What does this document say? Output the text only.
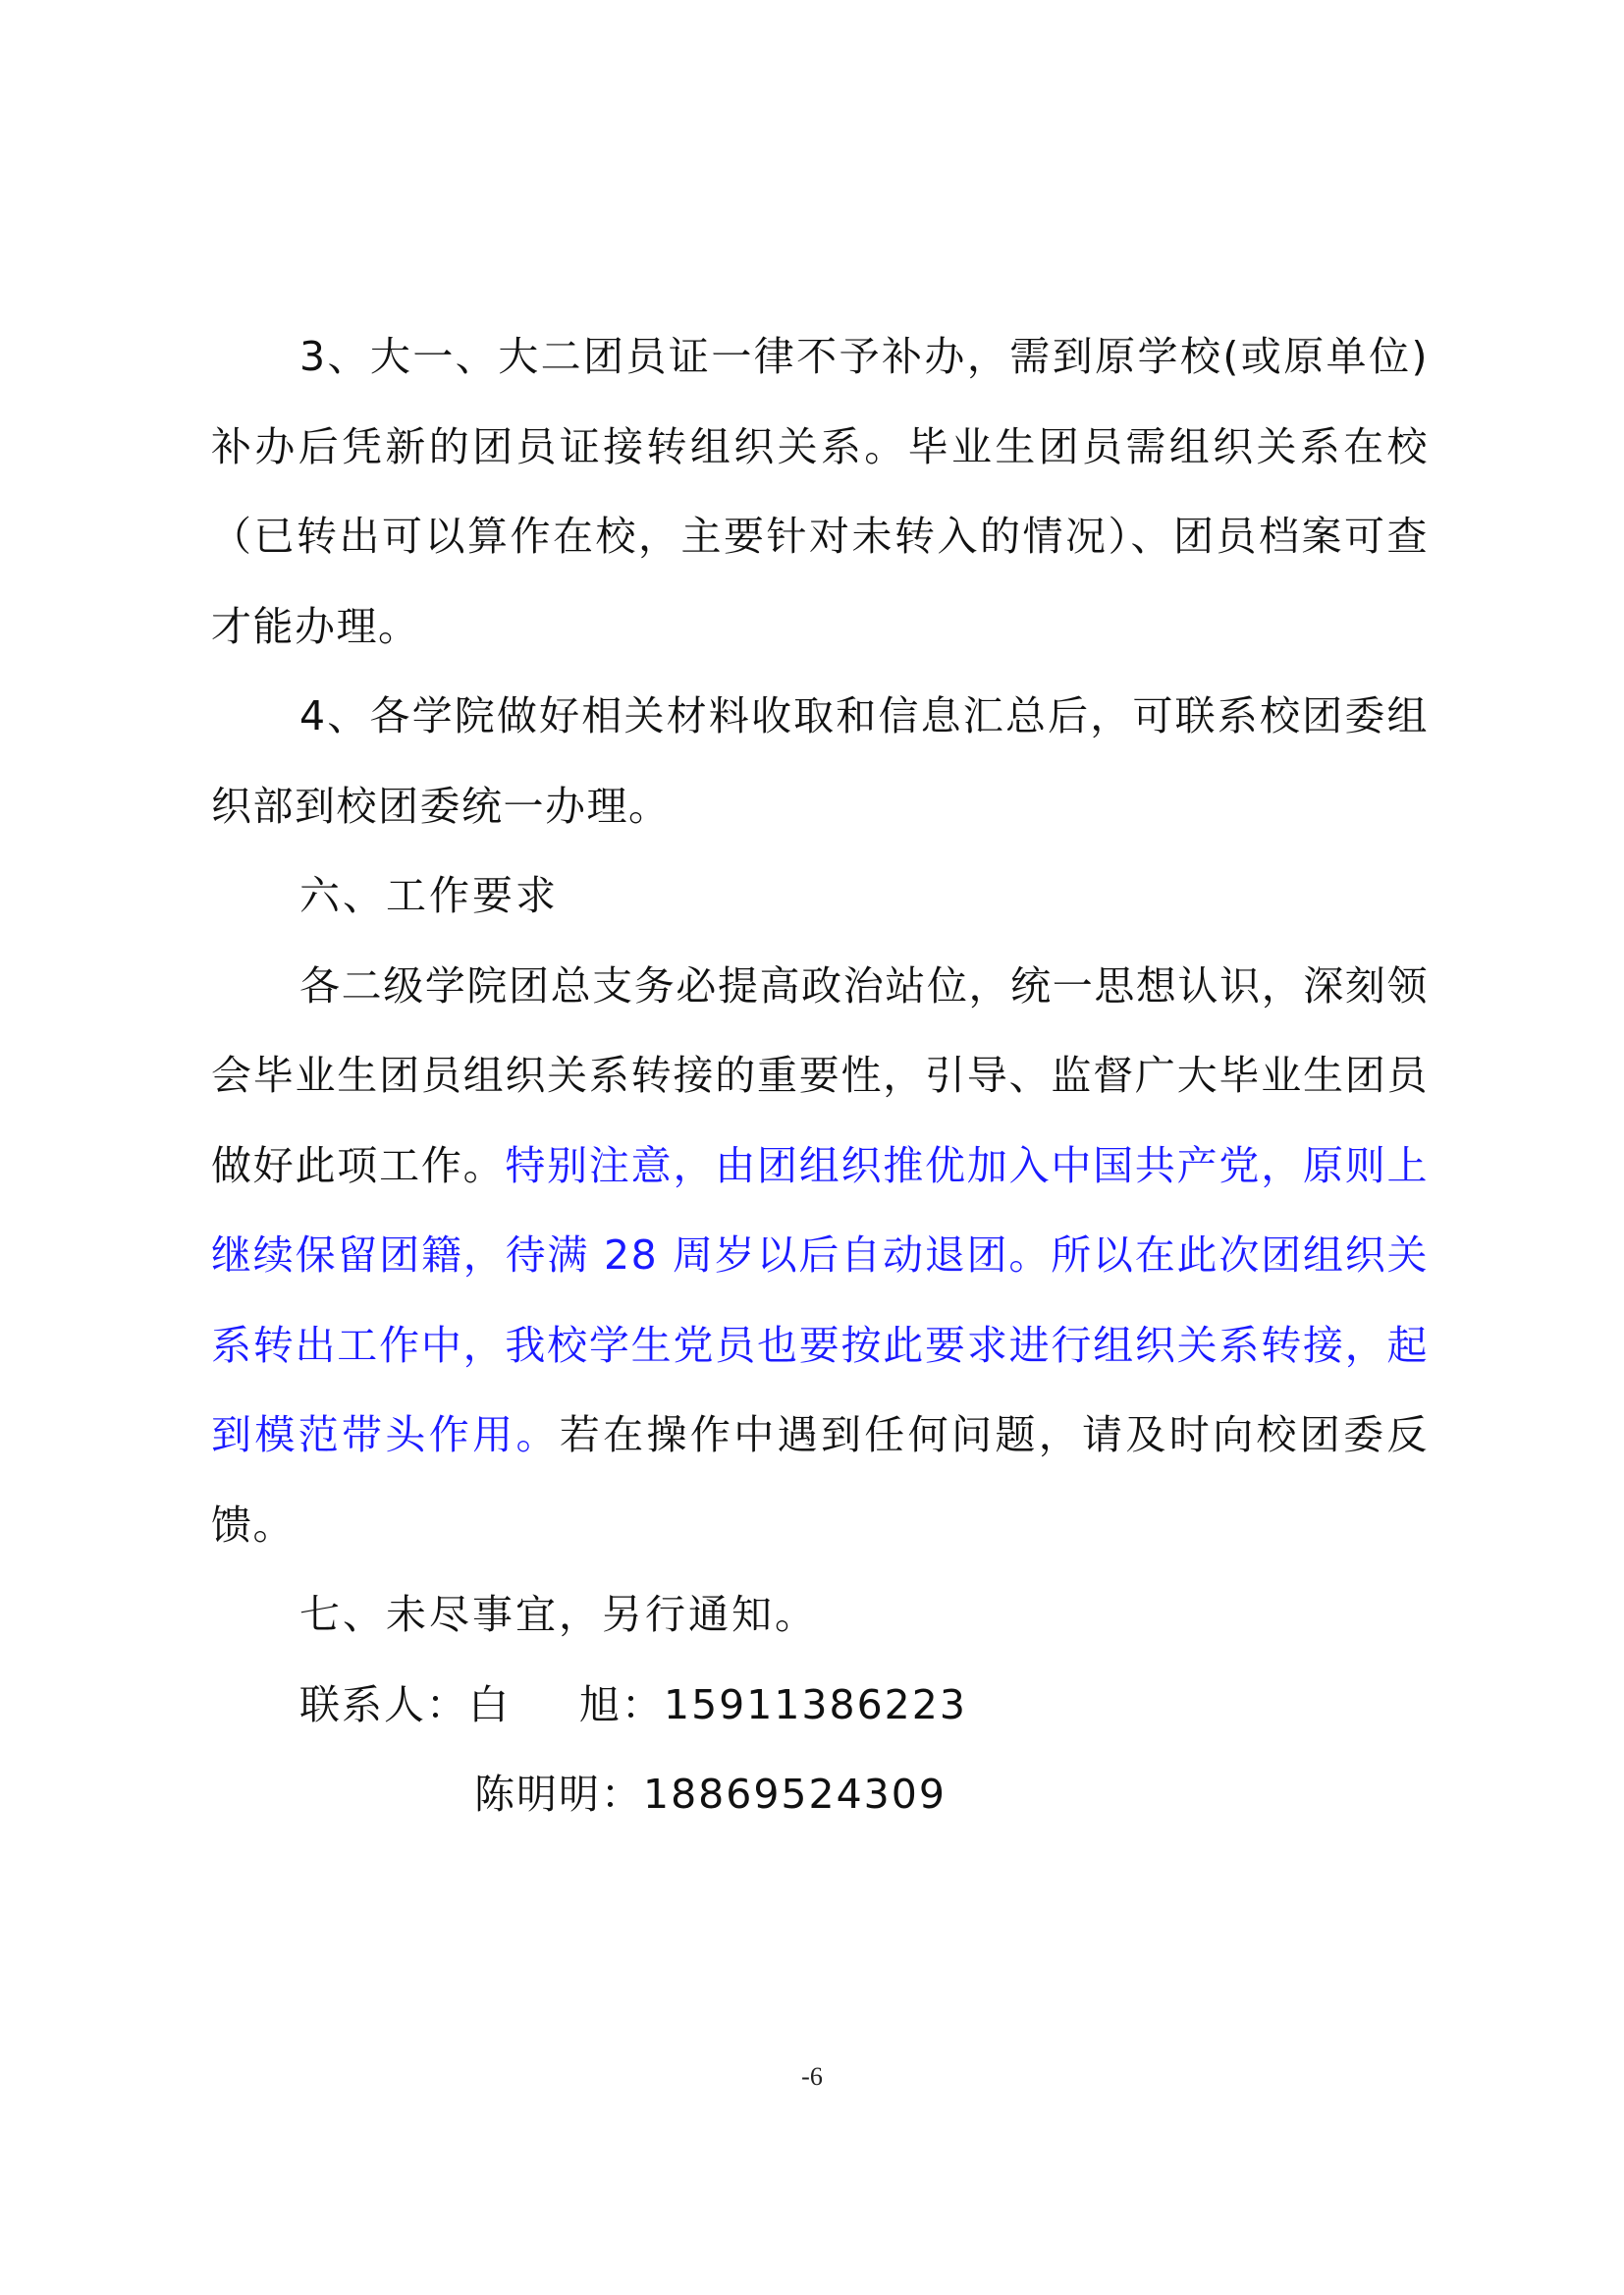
3、大一、大二团员证一律不予补办，需到原学校(或原单位)补办后凭新的团员证接转组织关系。毕业生团员需组织关系在校（已转出可以算作在校，主要针对未转入的情况）、团员档案可查才能办理。

4、各学院做好相关材料收取和信息汇总后，可联系校团委组织部到校团委统一办理。

六、工作要求

各二级学院团总支务必提高政治站位，统一思想认识，深刻领会毕业生团员组织关系转接的重要性，引导、监督广大毕业生团员做好此项工作。特别注意，由团组织推优加入中国共产党，原则上继续保留团籍，待满 28 周岁以后自动退团。所以在此次团组织关系转出工作中，我校学生党员也要按此要求进行组织关系转接，起到模范带头作用。若在操作中遇到任何问题，请及时向校团委反馈。

七、未尽事宜，另行通知。

联系人：白 旭：15911386223

陈明明：18869524309

-6
